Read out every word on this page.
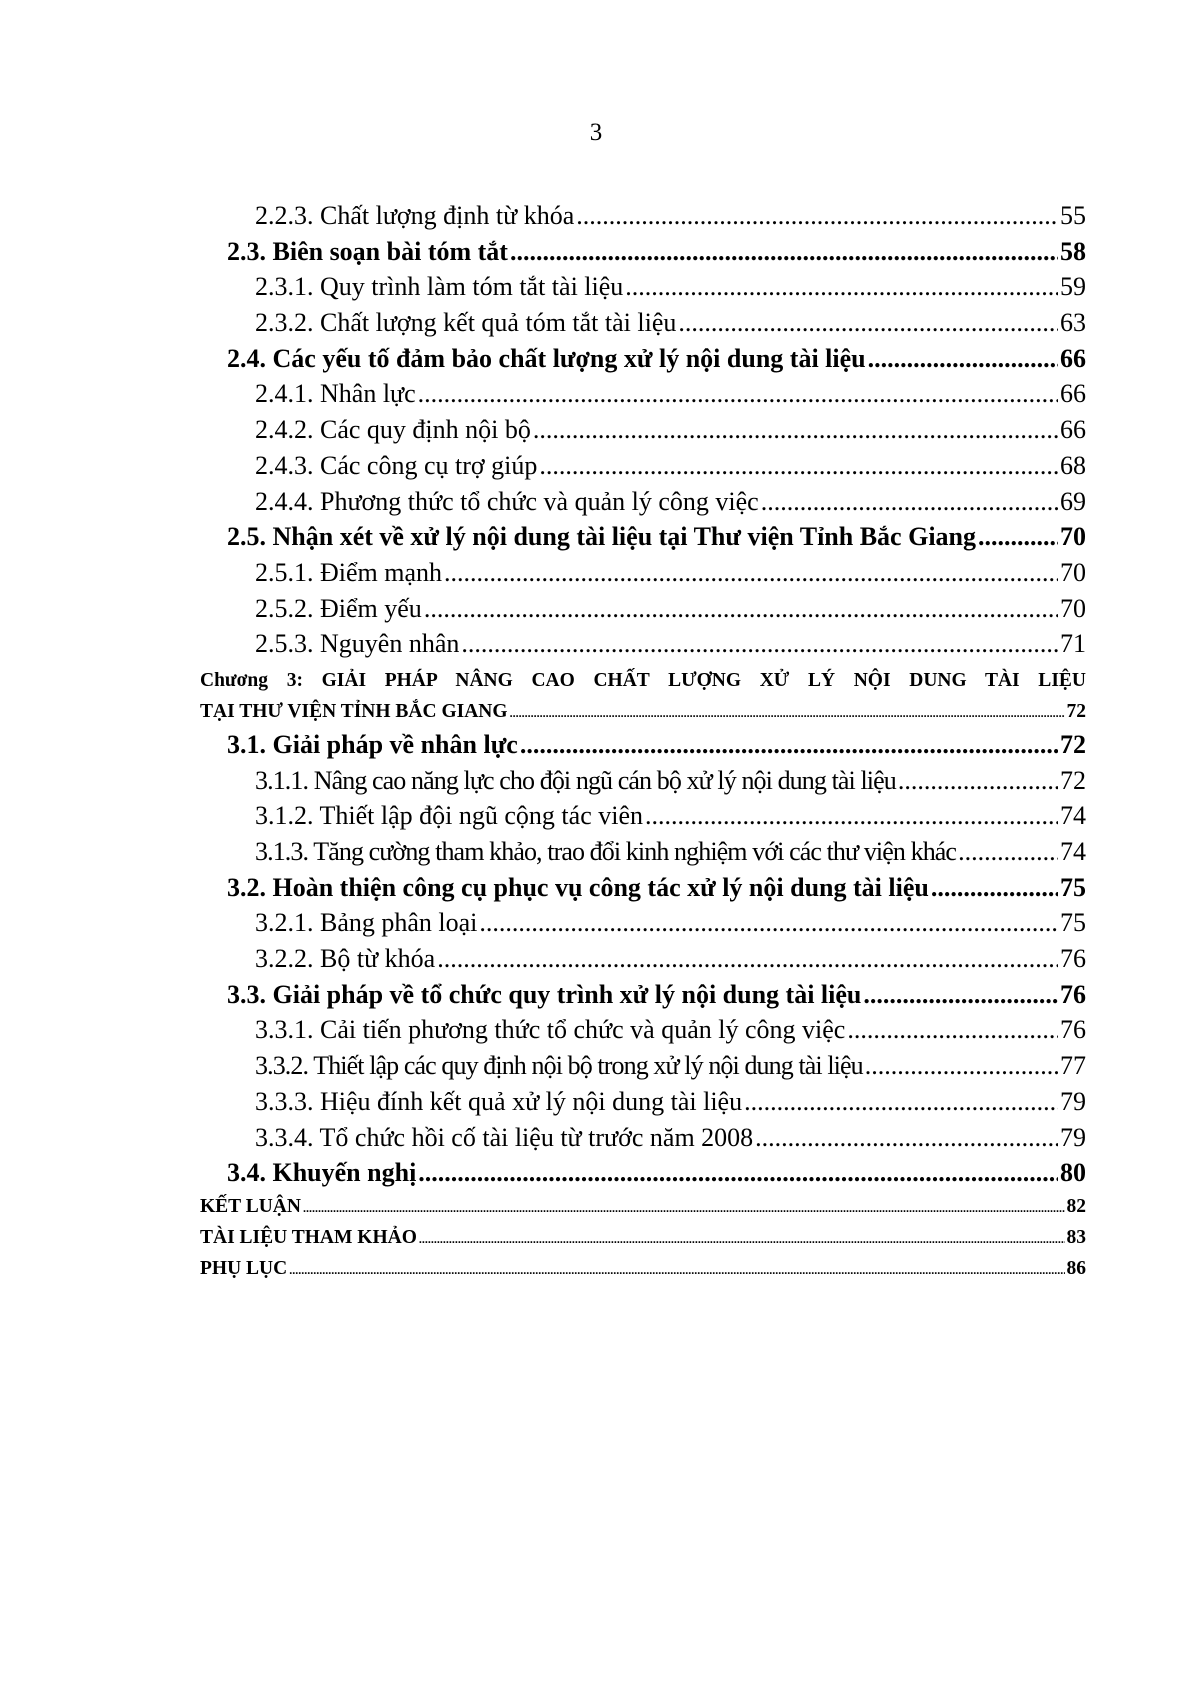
3
2.2.3. Chất lượng định từ khóa .....	55
2.3. Biên soạn bài tóm tắt .....	58
2.3.1. Quy trình làm tóm tắt tài liệu .....	59
2.3.2. Chất lượng kết quả tóm tắt tài liệu .....	63
2.4. Các yếu tố đảm bảo chất lượng xử lý nội dung tài liệu .....	66
2.4.1. Nhân lực .....	66
2.4.2. Các quy định nội bộ .....	66
2.4.3. Các công cụ trợ giúp .....	68
2.4.4. Phương thức tổ chức và quản lý công việc .....	69
2.5. Nhận xét về xử lý nội dung tài liệu tại Thư viện Tỉnh Bắc Giang .....	70
2.5.1. Điểm mạnh .....	70
2.5.2. Điểm yếu .....	70
2.5.3. Nguyên nhân .....	71
Chương 3: GIẢI PHÁP NÂNG CAO CHẤT LƯỢNG XỬ LÝ NỘI DUNG TÀI LIỆU
TẠI THƯ VIỆN TỈNH BẮC GIANG .....	72
3.1. Giải pháp về nhân lực .....	72
3.1.1. Nâng cao năng lực cho đội ngũ cán bộ xử lý nội dung tài liệu .....	72
3.1.2. Thiết lập đội ngũ cộng tác viên .....	74
3.1.3. Tăng cường tham khảo, trao đổi kinh nghiệm với các thư viện khác .....	74
3.2. Hoàn thiện công cụ phục vụ công tác xử lý nội dung tài liệu .....	75
3.2.1. Bảng phân loại .....	75
3.2.2. Bộ từ khóa .....	76
3.3. Giải pháp về tổ chức quy trình xử lý nội dung tài liệu .....	76
3.3.1. Cải tiến phương thức tổ chức và quản lý công việc .....	76
3.3.2. Thiết lập các quy định nội bộ trong xử lý nội dung tài liệu .....	77
3.3.3. Hiệu đính kết quả xử lý nội dung tài liệu .....	79
3.3.4. Tổ chức hồi cố tài liệu từ trước năm 2008 .....	79
3.4. Khuyến nghị .....	80
KẾT LUẬN .....	82
TÀI LIỆU THAM KHẢO .....	83
PHỤ LỤC .....	86
